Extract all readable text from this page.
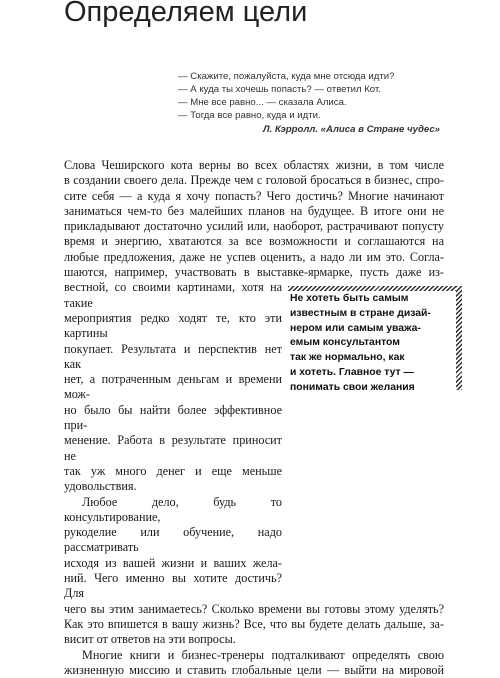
Определяем цели
— Скажите, пожалуйста, куда мне отсюда идти?
— А куда ты хочешь попасть? — ответил Кот.
— Мне все равно... — сказала Алиса.
— Тогда все равно, куда и идти.
Л. Кэрролл. «Алиса в Стране чудес»
Слова Чеширского кота верны во всех областях жизни, в том числе
в создании своего дела. Прежде чем с головой бросаться в бизнес, спро-
сите себя — а куда я хочу попасть? Чего достичь? Многие начинают
заниматься чем-то без малейших планов на будущее. В итоге они не
прикладывают достаточно усилий или, наоборот, растрачивают попусту
время и энергию, хватаются за все возможности и соглашаются на
любые предложения, даже не успев оценить, а надо ли им это. Согла-
шаются, например, участвовать в выставке-ярмарке, пусть даже из-
вестной, со своими картинами, хотя на такие
мероприятия редко ходят те, кто эти картины
покупает. Результата и перспектив нет как
нет, а потраченным деньгам и времени мож-
но было бы найти более эффективное при-
менение. Работа в результате приносит не
так уж много денег и еще меньше удовольствия.
Любое дело, будь то консультирование,
рукоделие или обучение, надо рассматривать
исходя из вашей жизни и ваших жела-
ний. Чего именно вы хотите достичь? Для
чего вы этим занимаетесь? Сколько времени вы готовы этому уделять?
Как это впишется в вашу жизнь? Все, что вы будете делать дальше, за-
висит от ответов на эти вопросы.
Многие книги и бизнес-тренеры подталкивают определять свою
жизненную миссию и ставить глобальные цели — выйти на мировой
Не хотеть быть самым
известным в стране дизай-
нером или самым уважа-
емым консультантом
так же нормально, как
и хотеть. Главное тут —
понимать свои желания
